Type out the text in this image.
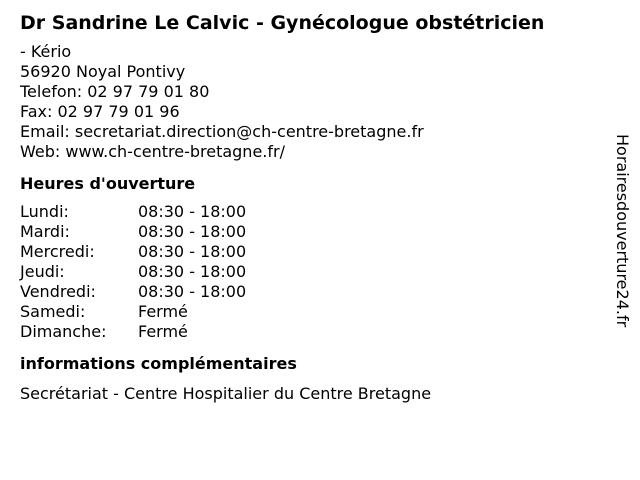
Dr Sandrine Le Calvic - Gynécologue obstétricien
- Kério
56920 Noyal Pontivy
Telefon: 02 97 79 01 80
Fax: 02 97 79 01 96
Email: secretariat.direction@ch-centre-bretagne.fr
Web: www.ch-centre-bretagne.fr/
Heures d'ouverture
Lundi:	08:30 - 18:00
Mardi:	08:30 - 18:00
Mercredi:	08:30 - 18:00
Jeudi:	08:30 - 18:00
Vendredi:	08:30 - 18:00
Samedi:	Fermé
Dimanche: Fermé
informations complémentaires
Secrétariat - Centre Hospitalier du Centre Bretagne
Horairesdouverture24.fr
